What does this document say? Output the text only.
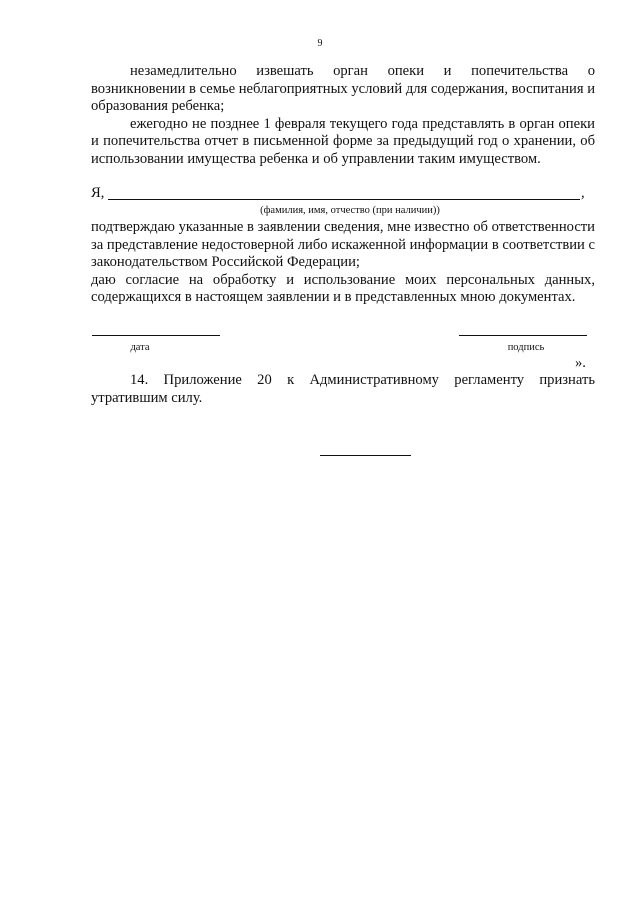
9

незамедлительно извешать орган опеки и попечительства о возникновении в семье неблагоприятных условий для содержания, воспитания и образования ребенка;

ежегодно не позднее 1 февраля текущего года представлять в орган опеки и попечительства отчет в письменной форме за предыдущий год о хранении, об использовании имущества ребенка и об управлении таким имуществом.

Я,	,
(фамилия, имя, отчество (при наличии))

подтверждаю указанные в заявлении сведения, мне известно об ответственности за представление недостоверной либо искаженной информации в соответствии с законодательством Российской Федерации;

даю согласие на обработку и использование моих персональных данных, содержащихся в настоящем заявлении и в представленных мною документах.

дата	подпись
».

14. Приложение 20 к Административному регламенту признать утратившим силу.
